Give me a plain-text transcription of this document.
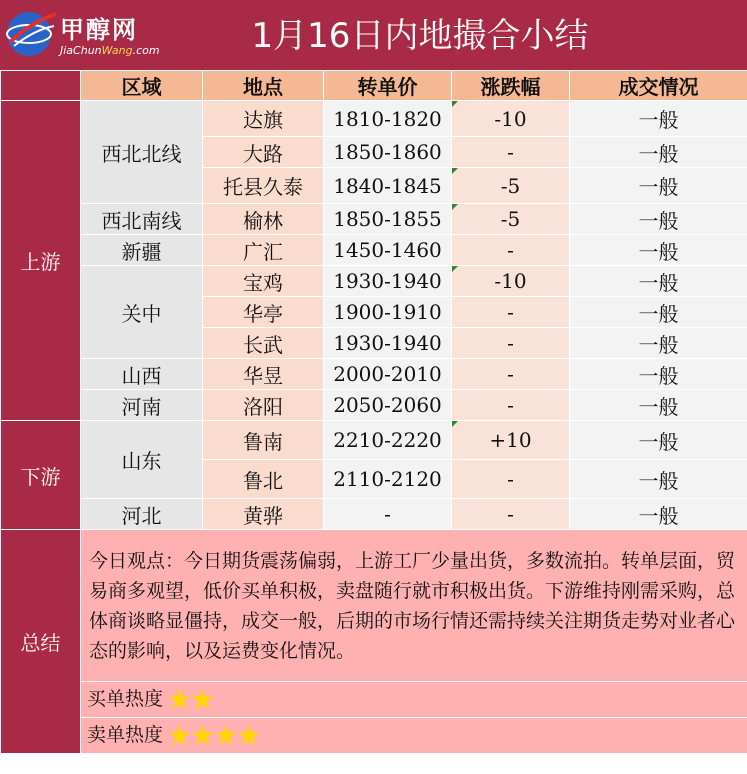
甲醇网
JiaChunWang.com	1月16日内地撮合小结
	区域	地点	转单价	涨跌幅	成交情况
上游	西北北线	达旗	1810-1820	-10	一般
		大路	1850-1860	-	一般
		托县久泰	1840-1845	-5	一般
	西北南线	榆林	1850-1855	-5	一般
	新疆	广汇	1450-1460	-	一般
	关中	宝鸡	1930-1940	-10	一般
		华亭	1900-1910	-	一般
		长武	1930-1940	-	一般
	山西	华昱	2000-2010	-	一般
	河南	洛阳	2050-2060	-	一般
下游	山东	鲁南	2210-2220	+10	一般
		鲁北	2110-2120	-	一般
	河北	黄骅	-	-	一般
总结	今日观点：今日期货震荡偏弱，上游工厂少量出货，多数流拍。转单层面，贸易商多观望，低价买单积极，卖盘随行就市积极出货。下游维持刚需采购，总体商谈略显僵持，成交一般，后期的市场行情还需持续关注期货走势对业者心态的影响，以及运费变化情况。				
	买单热度 ★★				
	卖单热度 ★★★★				
